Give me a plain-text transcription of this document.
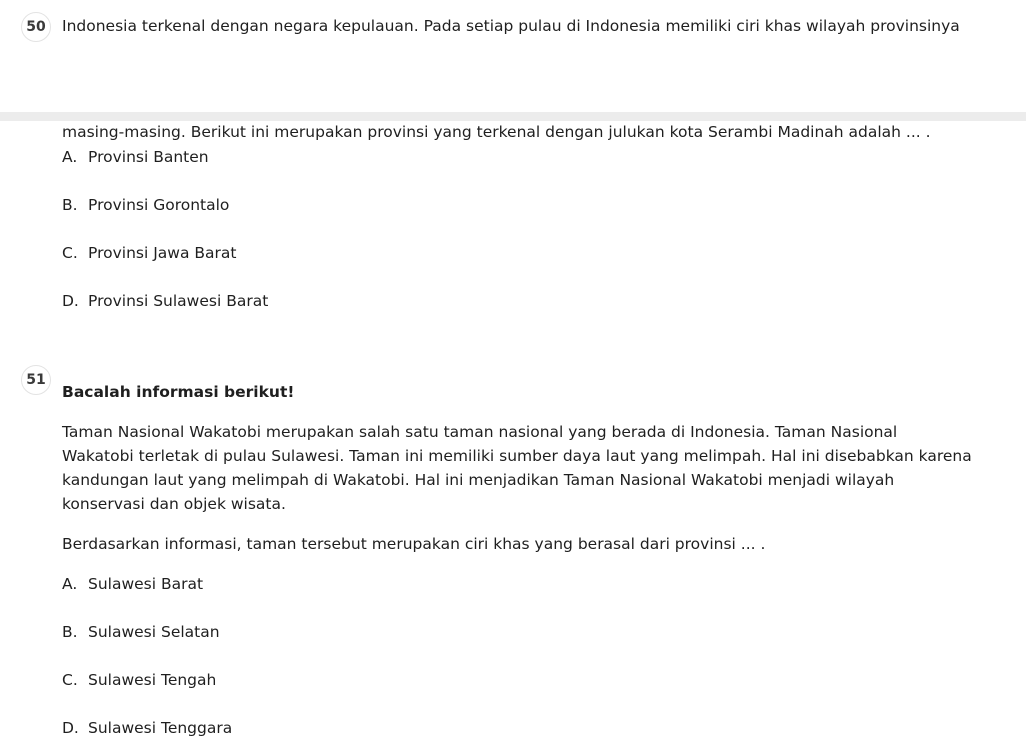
50 Indonesia terkenal dengan negara kepulauan. Pada setiap pulau di Indonesia memiliki ciri khas wilayah provinsinya
masing-masing. Berikut ini merupakan provinsi yang terkenal dengan julukan kota Serambi Madinah adalah ... .
A. Provinsi Banten
B. Provinsi Gorontalo
C. Provinsi Jawa Barat
D. Provinsi Sulawesi Barat
51
Bacalah informasi berikut!
Taman Nasional Wakatobi merupakan salah satu taman nasional yang berada di Indonesia. Taman Nasional
Wakatobi terletak di pulau Sulawesi. Taman ini memiliki sumber daya laut yang melimpah. Hal ini disebabkan karena
kandungan laut yang melimpah di Wakatobi. Hal ini menjadikan Taman Nasional Wakatobi menjadi wilayah
konservasi dan objek wisata.
Berdasarkan informasi, taman tersebut merupakan ciri khas yang berasal dari provinsi ... .
A. Sulawesi Barat
B. Sulawesi Selatan
C. Sulawesi Tengah
D. Sulawesi Tenggara
